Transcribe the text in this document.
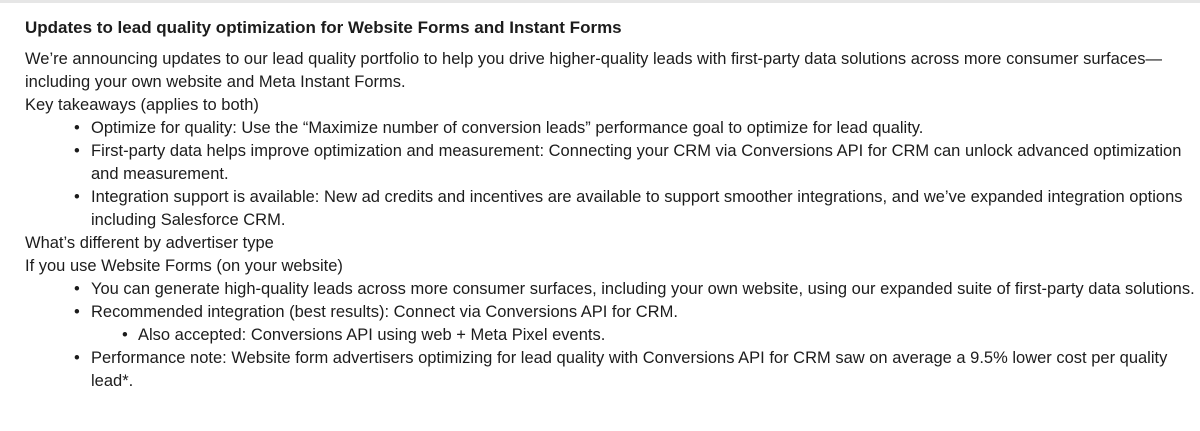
Updates to lead quality optimization for Website Forms and Instant Forms

We’re announcing updates to our lead quality portfolio to help you drive higher-quality leads with first-party data solutions across more consumer surfaces—including your own website and Meta Instant Forms.

Key takeaways (applies to both)
• Optimize for quality: Use the “Maximize number of conversion leads” performance goal to optimize for lead quality.
• First-party data helps improve optimization and measurement: Connecting your CRM via Conversions API for CRM can unlock advanced optimization and measurement.
• Integration support is available: New ad credits and incentives are available to support smoother integrations, and we’ve expanded integration options including Salesforce CRM.
What’s different by advertiser type
If you use Website Forms (on your website)
• You can generate high-quality leads across more consumer surfaces, including your own website, using our expanded suite of first-party data solutions.
• Recommended integration (best results): Connect via Conversions API for CRM.
• Also accepted: Conversions API using web + Meta Pixel events.
• Performance note: Website form advertisers optimizing for lead quality with Conversions API for CRM saw on average a 9.5% lower cost per quality lead*.
